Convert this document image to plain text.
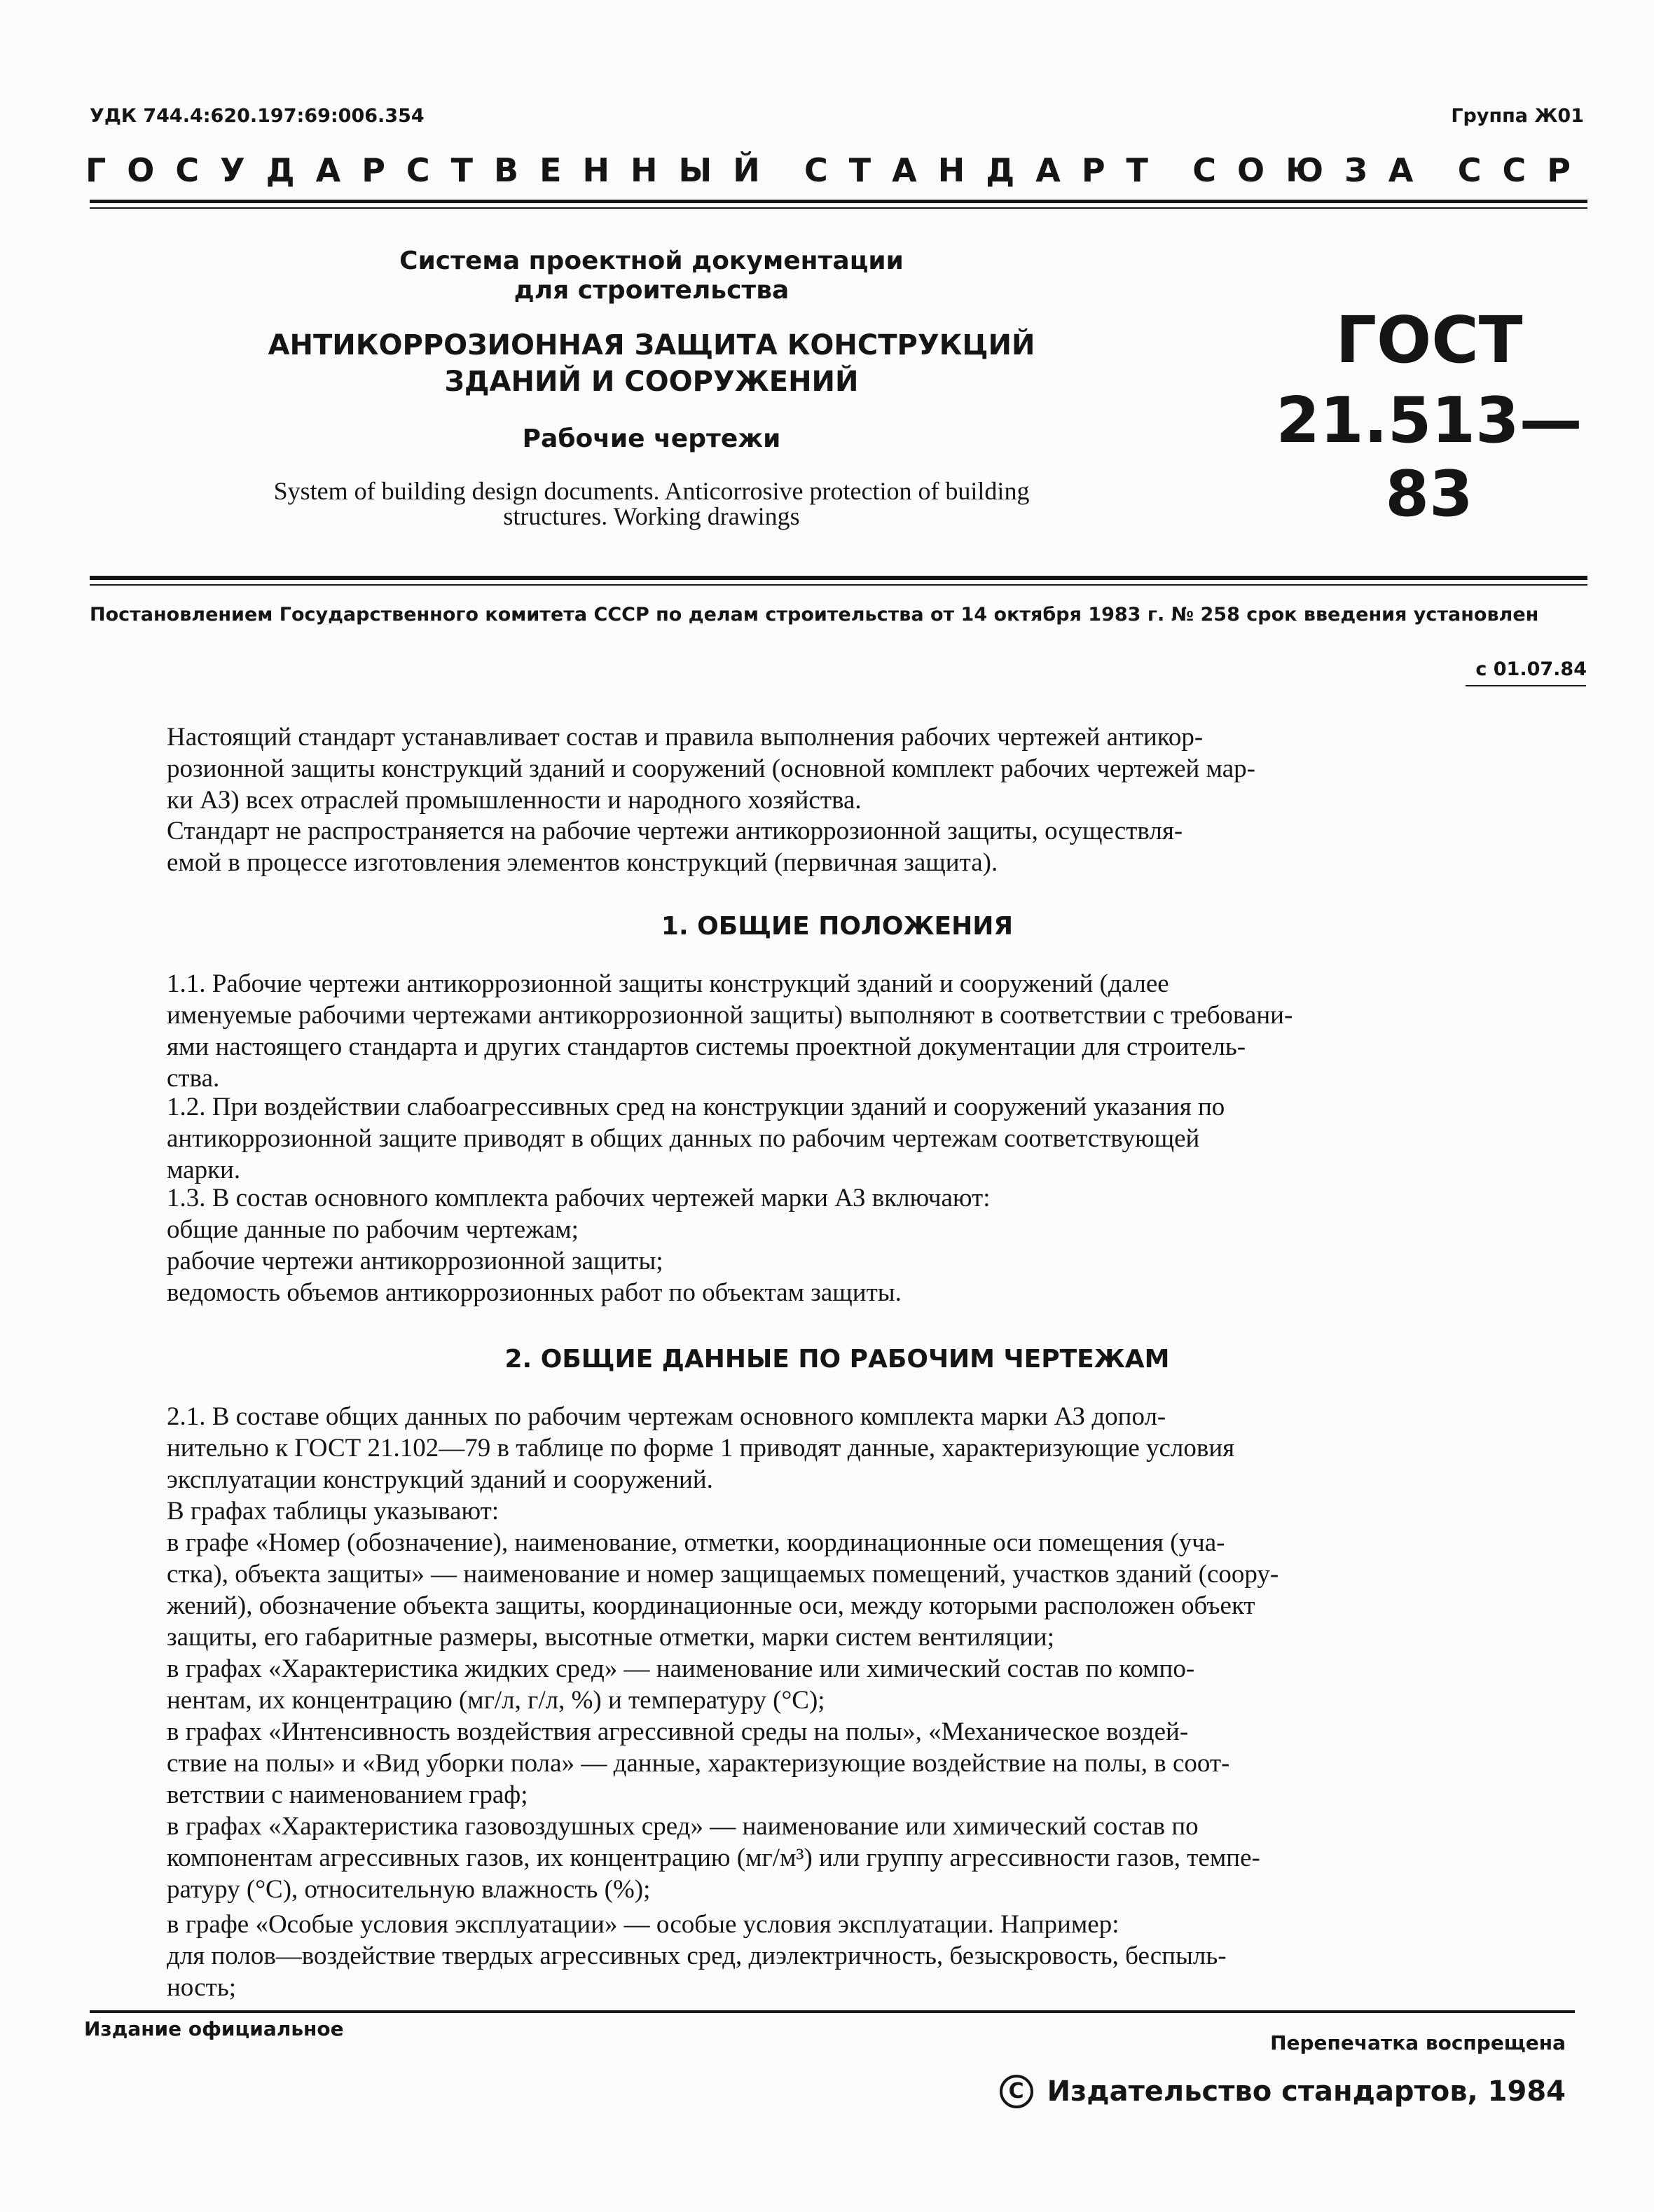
УДК 744.4:620.197:69:006.354	Группа Ж01
ГОСУДАРСТВЕННЫЙ СТАНДАРТ СОЮЗА ССР
Система проектной документации
для строительства
АНТИКОРРОЗИОННАЯ ЗАЩИТА КОНСТРУКЦИЙ
ЗДАНИЙ И СООРУЖЕНИЙ
Рабочие чертежи
System of building design documents. Anticorrosive protection of building
structures. Working drawings
ГОСТ
21.513—83
Постановлением Государственного комитета СССР по делам строительства от 14 октября 1983 г. № 258 срок введения установлен
с 01.07.84
Настоящий стандарт устанавливает состав и правила выполнения рабочих чертежей антикор-
розионной защиты конструкций зданий и сооружений (основной комплект рабочих чертежей мар-
ки АЗ) всех отраслей промышленности и народного хозяйства.
Стандарт не распространяется на рабочие чертежи антикоррозионной защиты, осуществля-
емой в процессе изготовления элементов конструкций (первичная защита).
1. ОБЩИЕ ПОЛОЖЕНИЯ
1.1. Рабочие чертежи антикоррозионной защиты конструкций зданий и сооружений (далее
именуемые рабочими чертежами антикоррозионной защиты) выполняют в соответствии с требовани-
ями настоящего стандарта и других стандартов системы проектной документации для строитель-
ства.
1.2. При воздействии слабоагрессивных сред на конструкции зданий и сооружений указания по
антикоррозионной защите приводят в общих данных по рабочим чертежам соответствующей
марки.
1.3. В состав основного комплекта рабочих чертежей марки АЗ включают:
общие данные по рабочим чертежам;
рабочие чертежи антикоррозионной защиты;
ведомость объемов антикоррозионных работ по объектам защиты.
2. ОБЩИЕ ДАННЫЕ ПО РАБОЧИМ ЧЕРТЕЖАМ
2.1. В составе общих данных по рабочим чертежам основного комплекта марки АЗ допол-
нительно к ГОСТ 21.102—79 в таблице по форме 1 приводят данные, характеризующие условия
эксплуатации конструкций зданий и сооружений.
В графах таблицы указывают:
в графе «Номер (обозначение), наименование, отметки, координационные оси помещения (уча-
стка), объекта защиты» — наименование и номер защищаемых помещений, участков зданий (соору-
жений), обозначение объекта защиты, координационные оси, между которыми расположен объект
защиты, его габаритные размеры, высотные отметки, марки систем вентиляции;
в графах «Характеристика жидких сред» — наименование или химический состав по компо-
нентам, их концентрацию (мг/л, г/л, %) и температуру (°С);
в графах «Интенсивность воздействия агрессивной среды на полы», «Механическое воздей-
ствие на полы» и «Вид уборки пола» — данные, характеризующие воздействие на полы, в соот-
ветствии с наименованием граф;
в графах «Характеристика газовоздушных сред» — наименование или химический состав по
компонентам агрессивных газов, их концентрацию (мг/м³) или группу агрессивности газов, темпе-
ратуру (°С), относительную влажность (%);
в графе «Особые условия эксплуатации» — особые условия эксплуатации. Например:
для полов—воздействие твердых агрессивных сред, диэлектричность, безыскровость, беспыль-
ность;
Издание официальное
Перепечатка воспрещена
C Издательство стандартов, 1984
